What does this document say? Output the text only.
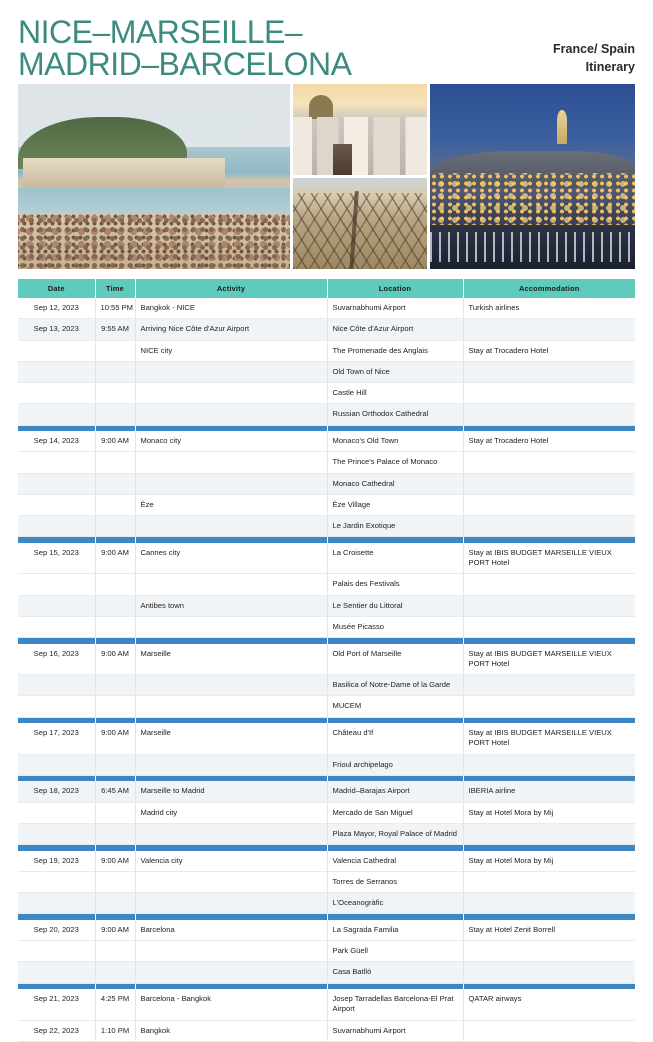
NICE–MARSEILLE–
MADRID–BARCELONA	France/ Spain
Itinerary
Date	Time	Activity	Location	Accommodation
Sep 12, 2023	10:55 PM	Bangkok - NICE	Suvarnabhumi Airport	Turkish airlines
Sep 13, 2023	9:55 AM	Arriving Nice Côte d'Azur Airport	Nice Côte d'Azur Airport	
		NICE city	The Promenade des Anglais	Stay at Trocadero Hotel
			Old Town of Nice	
			Castle Hill	
			Russian Orthodox Cathedral	

Sep 14, 2023	9:00 AM	Monaco city	Monaco's Old Town	Stay at Trocadero Hotel
			The Prince's Palace of Monaco	
			Monaco Cathedral	
		Èze	Èze Village	
			Le Jardin Exotique	

Sep 15, 2023	9:00 AM	Cannes city	La Croisette	Stay at IBIS BUDGET MARSEILLE VIEUX PORT Hotel
			Palais des Festivals	
		Antibes town	Le Sentier du Littoral	
			Musée Picasso	

Sep 16, 2023	9:00 AM	Marseille	Old Port of Marseille	Stay at IBIS BUDGET MARSEILLE VIEUX PORT Hotel
			Basilica of Notre-Dame of la Garde	
			MUCEM	

Sep 17, 2023	9:00 AM	Marseille	Château d'If	Stay at IBIS BUDGET MARSEILLE VIEUX PORT Hotel
			Frioul archipelago	

Sep 18, 2023	6:45 AM	Marseille to Madrid	Madrid–Barajas Airport	IBERIA airline
		Madrid city	Mercado de San Miguel	Stay at Hotel Mora by Mij
			Plaza Mayor, Royal Palace of Madrid	

Sep 19, 2023	9:00 AM	Valencia city	Valencia Cathedral	Stay at Hotel Mora by Mij
			Torres de Serranos	
			L'Oceanogràfic	

Sep 20, 2023	9:00 AM	Barcelona	La Sagrada Familia	Stay at Hotel Zenit Borrell
			Park Güell	
			Casa Batlló	

Sep 21, 2023	4:25 PM	Barcelona - Bangkok	Josep Tarradellas Barcelona-El Prat Airport	QATAR airways
Sep 22, 2023	1:10 PM	Bangkok	Suvarnabhumi Airport	
